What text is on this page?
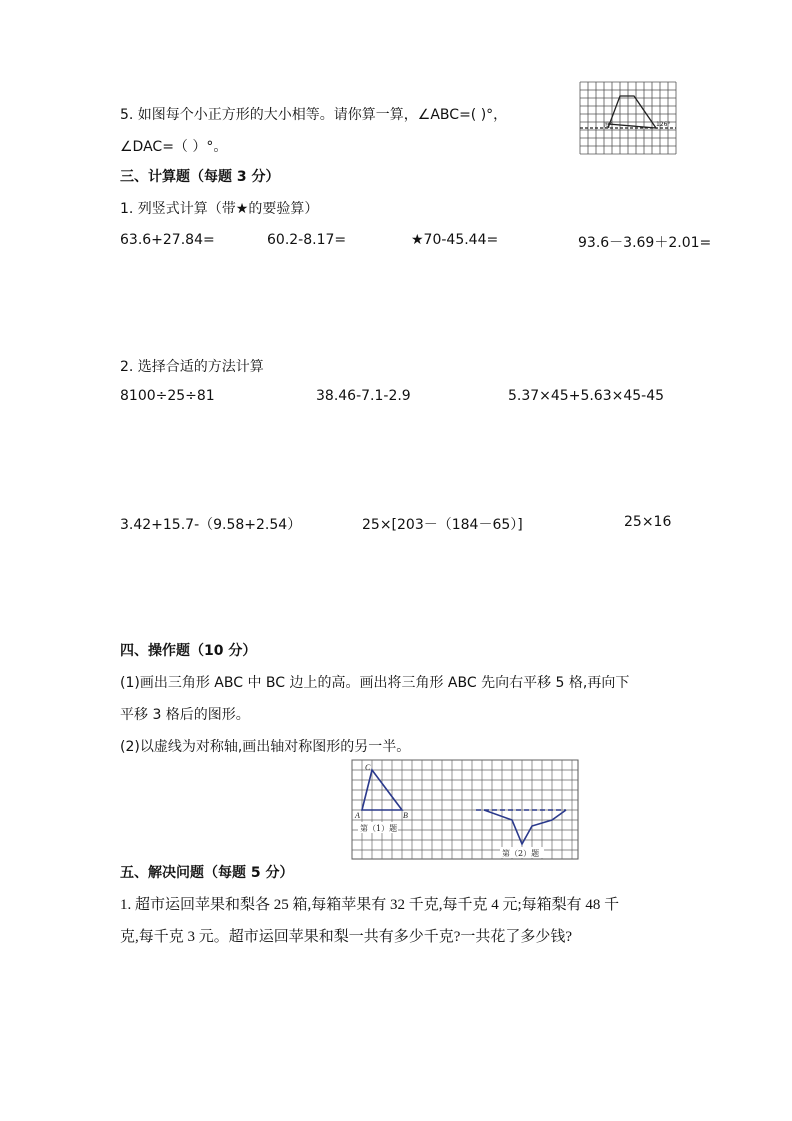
5. 如图每个小正方形的大小相等。请你算一算，∠ABC=( )°，
∠DAC=（ ）°。
度°	126°
三、计算题（每题 3 分）
1. 列竖式计算（带★的要验算）
63.6+27.84=	60.2-8.17=	★70-45.44=	93.6－3.69＋2.01=
2. 选择合适的方法计算
8100÷25÷81	38.46-7.1-2.9	5.37×45+5.63×45-45
3.42+15.7-（9.58+2.54）	25×[203－（184－65）]	25×16
四、操作题（10 分）
(1)画出三角形 ABC 中 BC 边上的高。画出将三角形 ABC 先向右平移 5 格,再向下
平移 3 格后的图形。
(2)以虚线为对称轴,画出轴对称图形的另一半。
C
A	B
第（1）题
第（2）题
五、解决问题（每题 5 分）
1. 超市运回苹果和梨各 25 箱,每箱苹果有 32 千克,每千克 4 元;每箱梨有 48 千
克,每千克 3 元。超市运回苹果和梨一共有多少千克?一共花了多少钱?
